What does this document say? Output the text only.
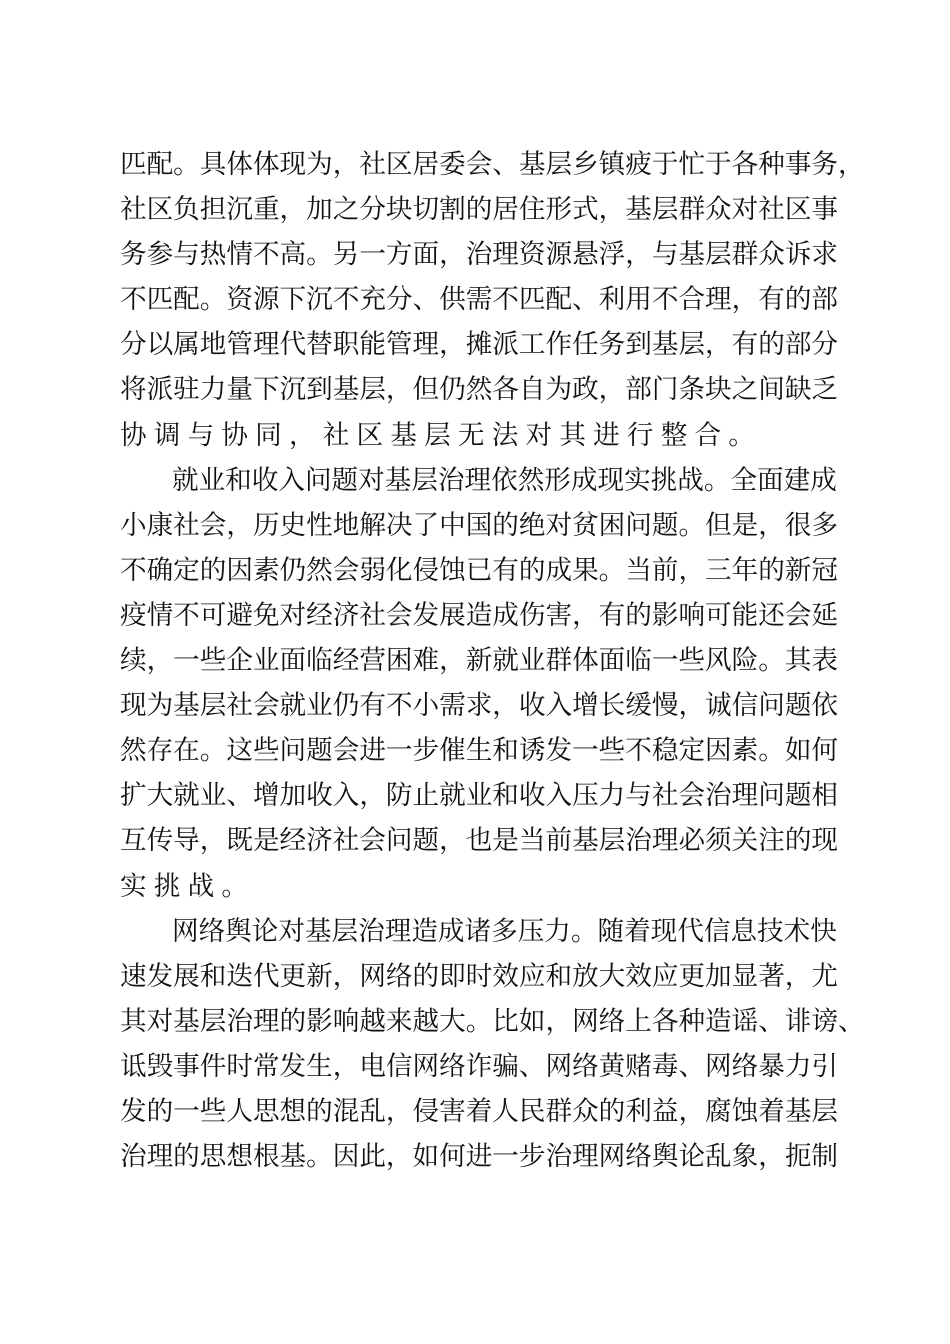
匹配。具体体现为，社区居委会、基层乡镇疲于忙于各种事务，
社区负担沉重，加之分块切割的居住形式，基层群众对社区事
务参与热情不高。另一方面，治理资源悬浮，与基层群众诉求
不匹配。资源下沉不充分、供需不匹配、利用不合理，有的部
分以属地管理代替职能管理，摊派工作任务到基层，有的部分
将派驻力量下沉到基层，但仍然各自为政，部门条块之间缺乏
协调与协同，社区基层无法对其进行整合。
就业和收入问题对基层治理依然形成现实挑战。全面建成
小康社会，历史性地解决了中国的绝对贫困问题。但是，很多
不确定的因素仍然会弱化侵蚀已有的成果。当前，三年的新冠
疫情不可避免对经济社会发展造成伤害，有的影响可能还会延
续，一些企业面临经营困难，新就业群体面临一些风险。其表
现为基层社会就业仍有不小需求，收入增长缓慢，诚信问题依
然存在。这些问题会进一步催生和诱发一些不稳定因素。如何
扩大就业、增加收入，防止就业和收入压力与社会治理问题相
互传导，既是经济社会问题，也是当前基层治理必须关注的现
实挑战。
网络舆论对基层治理造成诸多压力。随着现代信息技术快
速发展和迭代更新，网络的即时效应和放大效应更加显著，尤
其对基层治理的影响越来越大。比如，网络上各种造谣、诽谤、
诋毁事件时常发生，电信网络诈骗、网络黄赌毒、网络暴力引
发的一些人思想的混乱，侵害着人民群众的利益，腐蚀着基层
治理的思想根基。因此，如何进一步治理网络舆论乱象，扼制
